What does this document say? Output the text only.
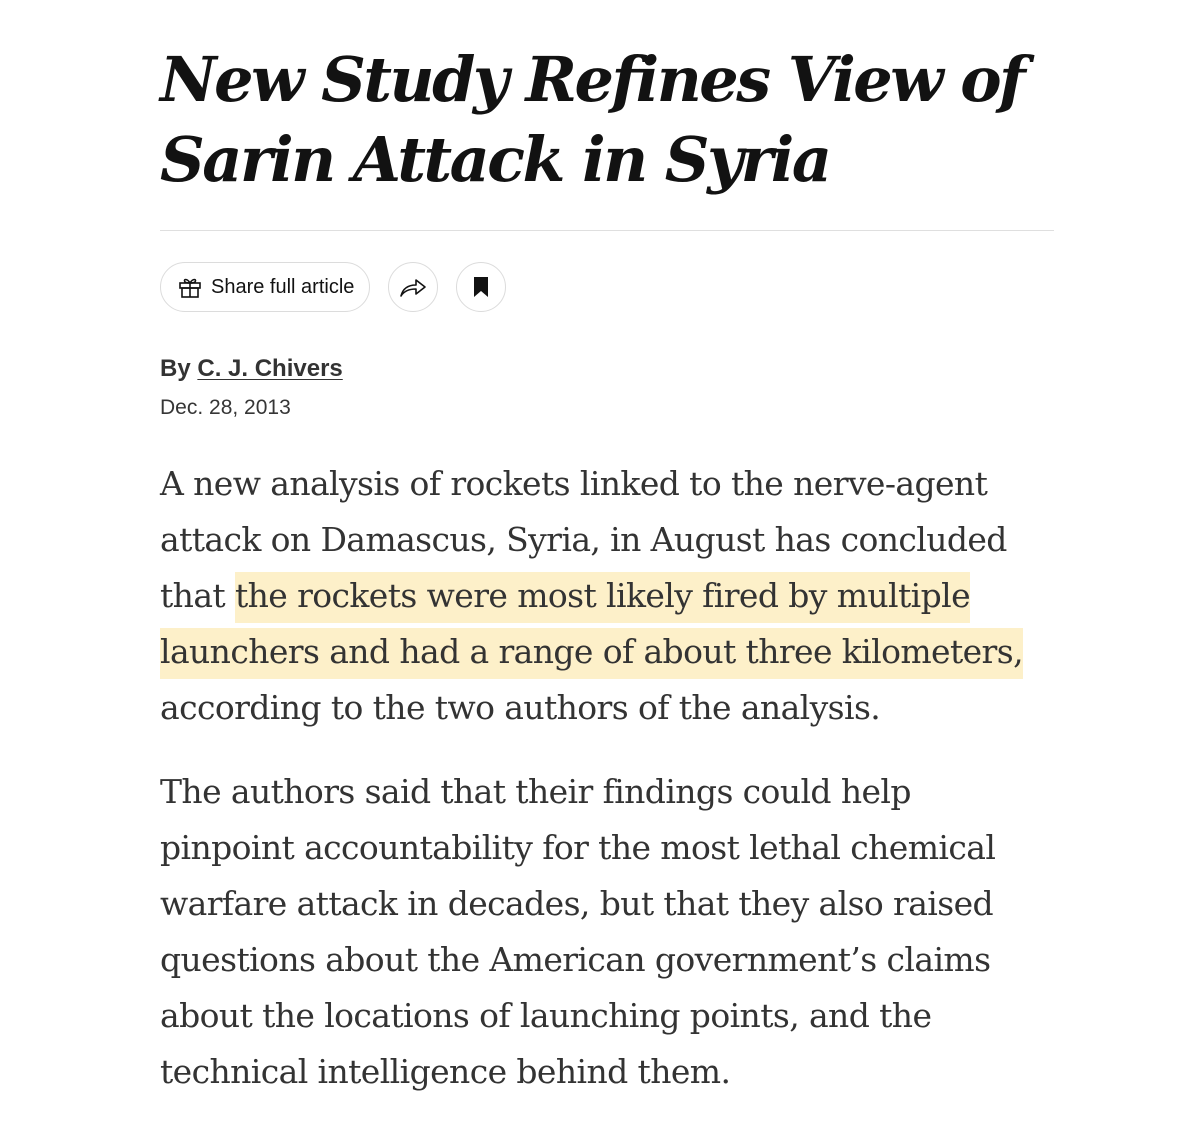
New Study Refines View of Sarin Attack in Syria
Share full article
By C. J. Chivers
Dec. 28, 2013

A new analysis of rockets linked to the nerve-agent attack on Damascus, Syria, in August has concluded that the rockets were most likely fired by multiple launchers and had a range of about three kilometers, according to the two authors of the analysis.

The authors said that their findings could help pinpoint accountability for the most lethal chemical warfare attack in decades, but that they also raised questions about the American government’s claims about the locations of launching points, and the technical intelligence behind them.
